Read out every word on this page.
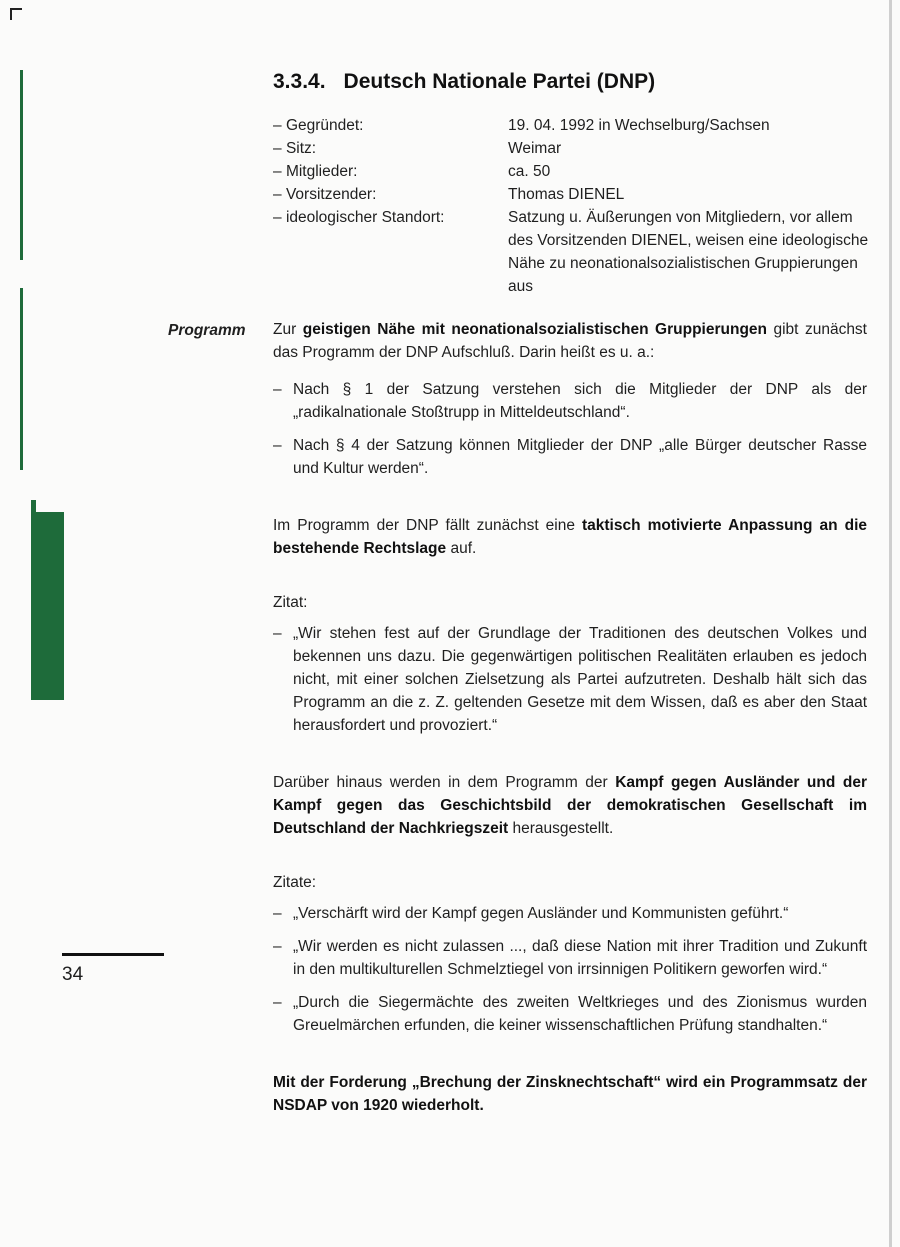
3.3.4. Deutsch Nationale Partei (DNP)
– Gegründet:	19. 04. 1992 in Wechselburg/Sachsen
– Sitz:	Weimar
– Mitglieder:	ca. 50
– Vorsitzender:	Thomas DIENEL
– ideologischer Standort:	Satzung u. Äußerungen von Mitgliedern, vor allem des Vorsitzenden DIENEL, weisen eine ideologische Nähe zu neonationalsozialistischen Gruppierungen aus
Programm Zur geistigen Nähe mit neonationalsozialistischen Gruppierungen gibt zunächst das Programm der DNP Aufschluß. Darin heißt es u. a.:

– Nach § 1 der Satzung verstehen sich die Mitglieder der DNP als der „radikalnationale Stoßtrupp in Mitteldeutschland“.
– Nach § 4 der Satzung können Mitglieder der DNP „alle Bürger deutscher Rasse und Kultur werden“.

Im Programm der DNP fällt zunächst eine taktisch motivierte Anpassung an die bestehende Rechtslage auf.

Zitat:

– „Wir stehen fest auf der Grundlage der Traditionen des deutschen Volkes und bekennen uns dazu. Die gegenwärtigen politischen Realitäten erlauben es jedoch nicht, mit einer solchen Zielsetzung als Partei aufzutreten. Deshalb hält sich das Programm an die z. Z. geltenden Gesetze mit dem Wissen, daß es aber den Staat herausfordert und provoziert.“

Darüber hinaus werden in dem Programm der Kampf gegen Ausländer und der Kampf gegen das Geschichtsbild der demokratischen Gesellschaft im Deutschland der Nachkriegszeit herausgestellt.

Zitate:

– „Verschärft wird der Kampf gegen Ausländer und Kommunisten geführt.“
– „Wir werden es nicht zulassen ..., daß diese Nation mit ihrer Tradition und Zukunft in den multikulturellen Schmelztiegel von irrsinnigen Politikern geworfen wird.“
– „Durch die Siegermächte des zweiten Weltkrieges und des Zionismus wurden Greuelmärchen erfunden, die keiner wissenschaftlichen Prüfung standhalten.“

Mit der Forderung „Brechung der Zinsknechtschaft“ wird ein Programmsatz der NSDAP von 1920 wiederholt.

34
